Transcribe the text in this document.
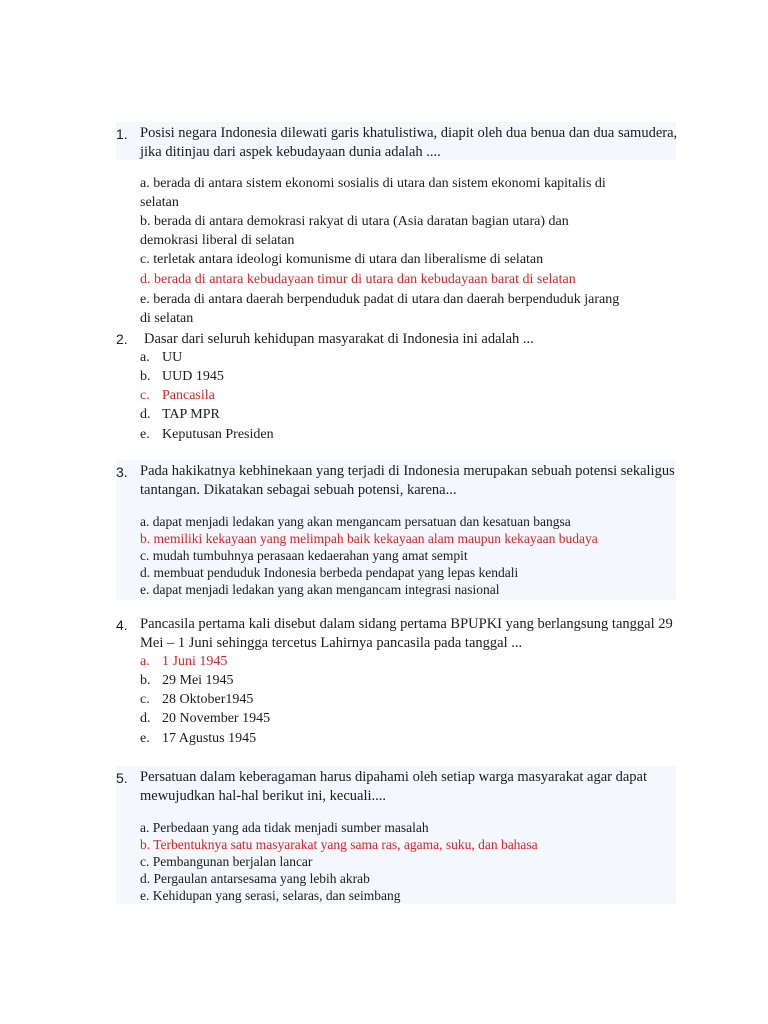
1. Posisi negara Indonesia dilewati garis khatulistiwa, diapit oleh dua benua dan dua samudera, jika ditinjau dari aspek kebudayaan dunia adalah ....
a. berada di antara sistem ekonomi sosialis di utara dan sistem ekonomi kapitalis di
selatan
b. berada di antara demokrasi rakyat di utara (Asia daratan bagian utara) dan
demokrasi liberal di selatan
c. terletak antara ideologi komunisme di utara dan liberalisme di selatan
d. berada di antara kebudayaan timur di utara dan kebudayaan barat di selatan
e. berada di antara daerah berpenduduk padat di utara dan daerah berpenduduk jarang
di selatan
2. Dasar dari seluruh kehidupan masyarakat di Indonesia ini adalah ...
a. UU
b. UUD 1945
c. Pancasila
d. TAP MPR
e. Keputusan Presiden
3. Pada hakikatnya kebhinekaan yang terjadi di Indonesia merupakan sebuah potensi sekaligus tantangan. Dikatakan sebagai sebuah potensi, karena...
a. dapat menjadi ledakan yang akan mengancam persatuan dan kesatuan bangsa
b. memiliki kekayaan yang melimpah baik kekayaan alam maupun kekayaan budaya
c. mudah tumbuhnya perasaan kedaerahan yang amat sempit
d. membuat penduduk Indonesia berbeda pendapat yang lepas kendali
e. dapat menjadi ledakan yang akan mengancam integrasi nasional
4. Pancasila pertama kali disebut dalam sidang pertama BPUPKI yang berlangsung tanggal 29 Mei – 1 Juni sehingga tercetus Lahirnya pancasila pada tanggal ...
a. 1 Juni 1945
b. 29 Mei 1945
c. 28 Oktober1945
d. 20 November 1945
e. 17 Agustus 1945
5. Persatuan dalam keberagaman harus dipahami oleh setiap warga masyarakat agar dapat mewujudkan hal-hal berikut ini, kecuali....
a. Perbedaan yang ada tidak menjadi sumber masalah
b. Terbentuknya satu masyarakat yang sama ras, agama, suku, dan bahasa
c. Pembangunan berjalan lancar
d. Pergaulan antarsesama yang lebih akrab
e. Kehidupan yang serasi, selaras, dan seimbang
